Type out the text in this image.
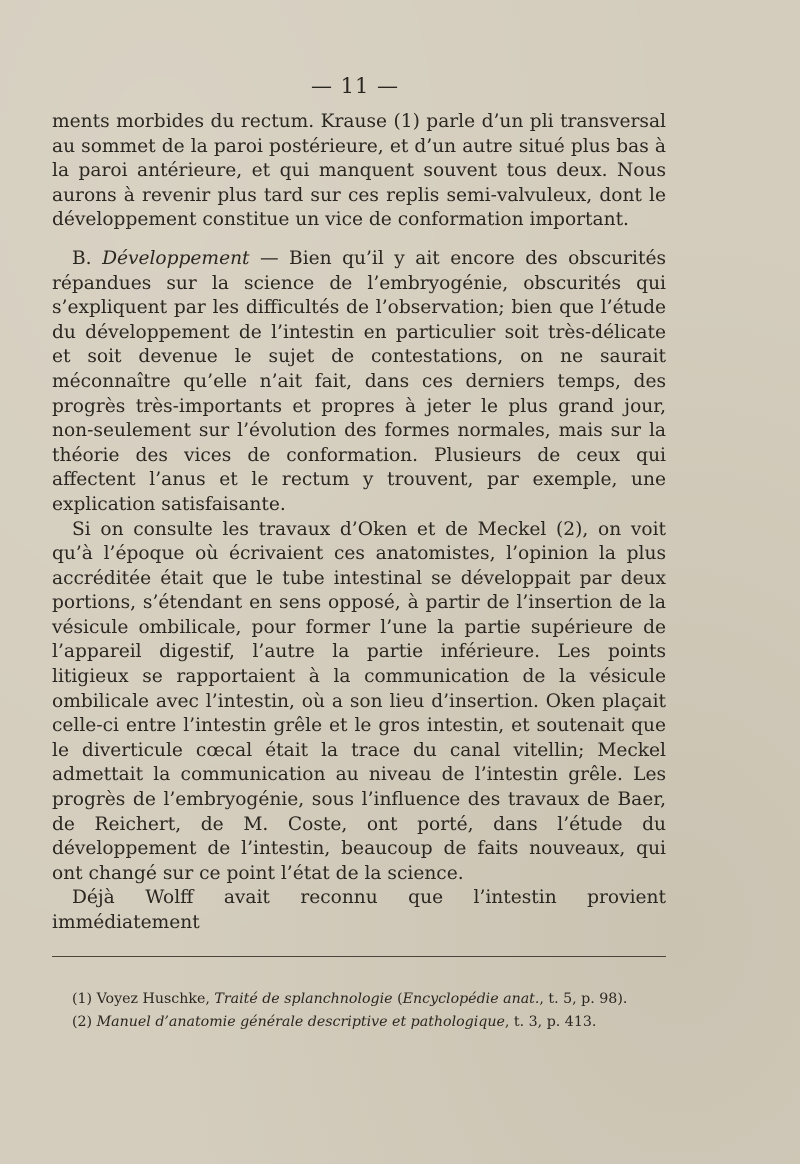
— 11 —

ments morbides du rectum. Krause (1) parle d’un pli transversal au sommet de la paroi postérieure, et d’un autre situé plus bas à la paroi antérieure, et qui manquent souvent tous deux. Nous aurons à revenir plus tard sur ces replis semi-valvuleux, dont le développement constitue un vice de conformation important.

B. Développement — Bien qu’il y ait encore des obscurités répandues sur la science de l’embryogénie, obscurités qui s’expliquent par les difficultés de l’observation; bien que l’étude du développement de l’intestin en particulier soit très-délicate et soit devenue le sujet de contestations, on ne saurait méconnaître qu’elle n’ait fait, dans ces derniers temps, des progrès très-importants et propres à jeter le plus grand jour, non-seulement sur l’évolution des formes normales, mais sur la théorie des vices de conformation. Plusieurs de ceux qui affectent l’anus et le rectum y trouvent, par exemple, une explication satisfaisante.

Si on consulte les travaux d’Oken et de Meckel (2), on voit qu’à l’époque où écrivaient ces anatomistes, l’opinion la plus accréditée était que le tube intestinal se développait par deux portions, s’étendant en sens opposé, à partir de l’insertion de la vésicule ombilicale, pour former l’une la partie supérieure de l’appareil digestif, l’autre la partie inférieure. Les points litigieux se rapportaient à la communication de la vésicule ombilicale avec l’intestin, où a son lieu d’insertion. Oken plaçait celle-ci entre l’intestin grêle et le gros intestin, et soutenait que le diverticule cœcal était la trace du canal vitellin; Meckel admettait la communication au niveau de l’intestin grêle. Les progrès de l’embryogénie, sous l’influence des travaux de Baer, de Reichert, de M. Coste, ont porté, dans l’étude du développement de l’intestin, beaucoup de faits nouveaux, qui ont changé sur ce point l’état de la science.

Déjà Wolff avait reconnu que l’intestin provient immédiatement

(1) Voyez Huschke, Traité de splanchnologie (Encyclopédie anat., t. 5, p. 98).
(2) Manuel d’anatomie générale descriptive et pathologique, t. 3, p. 413.
